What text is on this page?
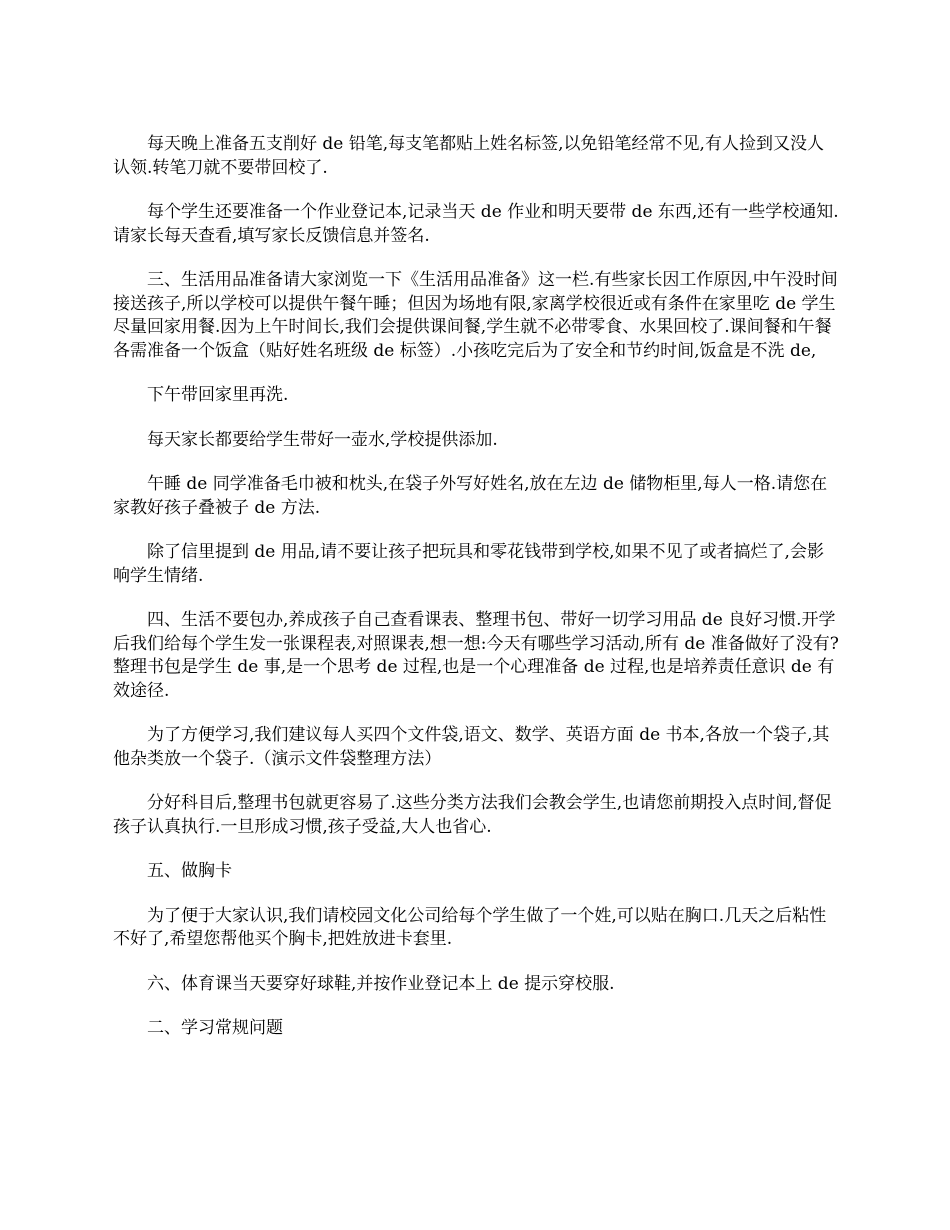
每天晚上准备五支削好 de 铅笔,每支笔都贴上姓名标签,以免铅笔经常不见,有人捡到又没人认领.转笔刀就不要带回校了.

每个学生还要准备一个作业登记本,记录当天 de 作业和明天要带 de 东西,还有一些学校通知.请家长每天查看,填写家长反馈信息并签名.

三、生活用品准备请大家浏览一下《生活用品准备》这一栏.有些家长因工作原因,中午没时间接送孩子,所以学校可以提供午餐午睡；但因为场地有限,家离学校很近或有条件在家里吃 de 学生尽量回家用餐.因为上午时间长,我们会提供课间餐,学生就不必带零食、水果回校了.课间餐和午餐各需准备一个饭盒（贴好姓名班级 de 标签）.小孩吃完后为了安全和节约时间,饭盒是不洗 de,

下午带回家里再洗.

每天家长都要给学生带好一壶水,学校提供添加.

午睡 de 同学准备毛巾被和枕头,在袋子外写好姓名,放在左边 de 储物柜里,每人一格.请您在家教好孩子叠被子 de 方法.

除了信里提到 de 用品,请不要让孩子把玩具和零花钱带到学校,如果不见了或者搞烂了,会影响学生情绪.

四、生活不要包办,养成孩子自己查看课表、整理书包、带好一切学习用品 de 良好习惯.开学后我们给每个学生发一张课程表,对照课表,想一想:今天有哪些学习活动,所有 de 准备做好了没有?整理书包是学生 de 事,是一个思考 de 过程,也是一个心理准备 de 过程,也是培养责任意识 de 有效途径.

为了方便学习,我们建议每人买四个文件袋,语文、数学、英语方面 de 书本,各放一个袋子,其他杂类放一个袋子.（演示文件袋整理方法）

分好科目后,整理书包就更容易了.这些分类方法我们会教会学生,也请您前期投入点时间,督促孩子认真执行.一旦形成习惯,孩子受益,大人也省心.

五、做胸卡

为了便于大家认识,我们请校园文化公司给每个学生做了一个姓,可以贴在胸口.几天之后粘性不好了,希望您帮他买个胸卡,把姓放进卡套里.

六、体育课当天要穿好球鞋,并按作业登记本上 de 提示穿校服.

二、学习常规问题
